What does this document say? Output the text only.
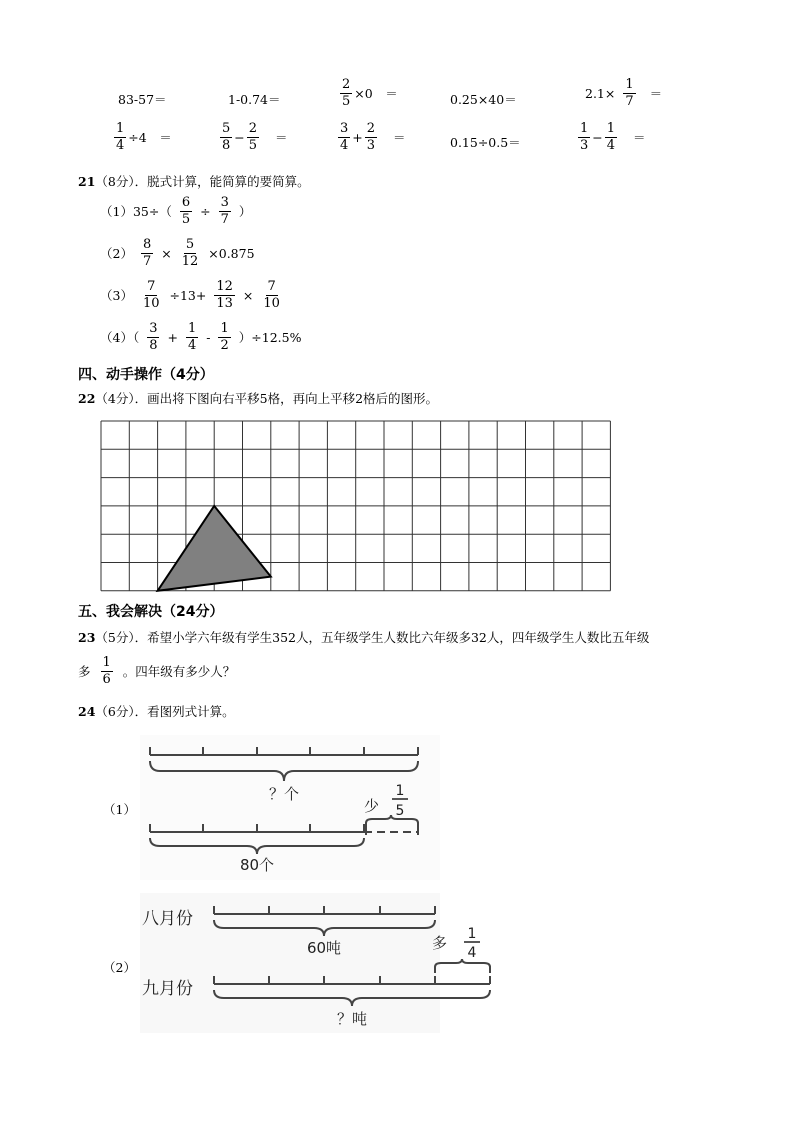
83-57＝	1-0.74＝	$\frac{2}{5} \times 0$　＝	0.25×40＝	$2.1\times \frac{1}{7}$ ＝
$\frac{1}{4} \div 4$　＝	$\frac{5}{8} - \frac{2}{5}$ ＝	$\frac{3}{4} + \frac{2}{3}$ ＝	0.15÷0.5＝	$\frac{1}{3} - \frac{1}{4}$ ＝
21（8分）．脱式计算，能简算的要简算。
$(1)35\div( \frac{6}{5} \div \frac{3}{7}$ ）
$(2) \frac{8}{7} \times \frac{5}{12} \times 0.875$
$(3) \frac{7}{10} \div 13+ \frac{12}{13} \times \frac{7}{10}$
$(4)( \frac{3}{8} + \frac{1}{4} - \frac{1}{2} )\div 12.5\%$
四、动手操作（4分）
22（4分）．画出将下图向右平移5格，再向上平移2格后的图形。
五、我会解决（24分）
23（5分）．希望小学六年级有学生352人，五年级学生人数比六年级多32人，四年级学生人数比五年级
多 $\frac{1}{6}$ 。四年级有多少人？
24（6分）．看图列式计算。
（1）
？个
80个
少
1
5
（2）
八月份
60吨
九月份
多 1
4
？吨
